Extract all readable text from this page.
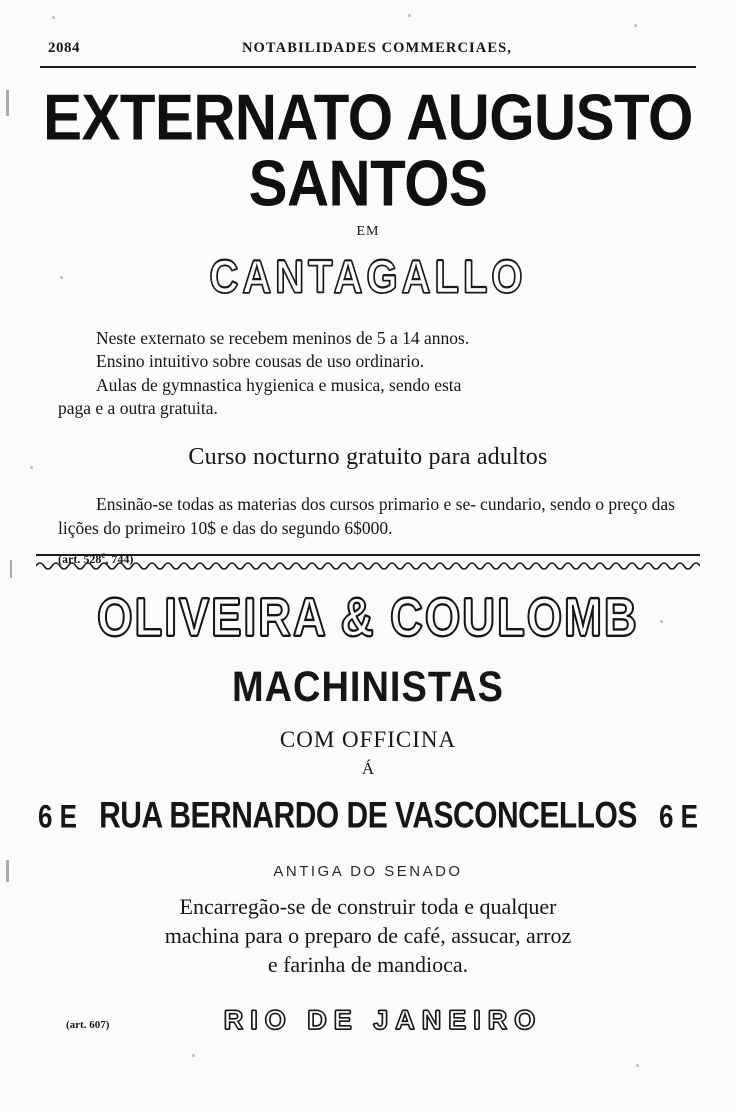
2084	NOTABILIDADES COMMERCIAES,
EXTERNATO AUGUSTO SANTOS
EM
CANTAGALLO
Neste externato se recebem meninos de 5 a 14 annos.
Ensino intuitivo sobre cousas de uso ordinario.
Aulas de gymnastica hygienica e musica, sendo esta
paga e a outra gratuita.
Curso nocturno gratuito para adultos
Ensinão-se todas as materias dos cursos primario e se- cundario, sendo o preço das lições do primeiro 10$ e das do segundo 6$000.
(art. 528$^c$, 744)
OLIVEIRA & COULOMB
MACHINISTAS
COM OFFICINA
Á
6 E RUA BERNARDO DE VASCONCELLOS 6 E
ANTIGA DO SENADO
Encarregão-se de construir toda e qualquer
machina para o preparo de café, assucar, arroz
e farinha de mandioca.
(art. 607)	RIO DE JANEIRO
